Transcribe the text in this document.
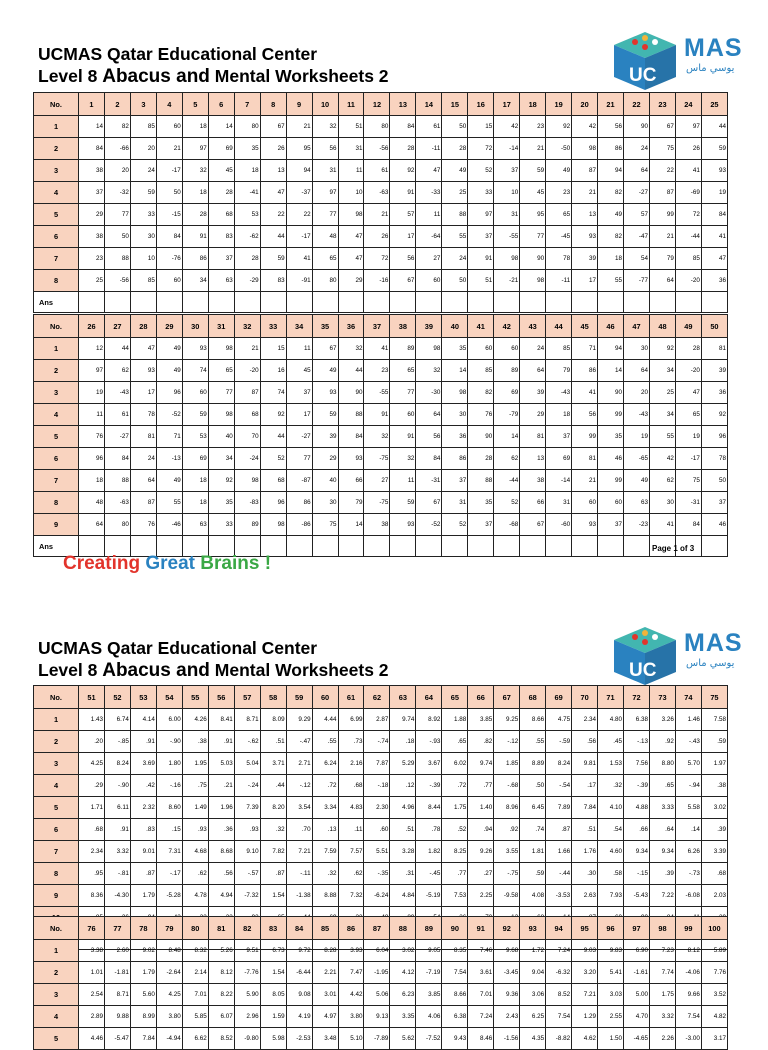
UCMAS Qatar Educational Center
Level 8 Abacus and Mental Worksheets 2
UCMAS Qatar Educational Center
Level 8 Abacus and Mental Worksheets 2
UC
MAS
يوسي ماس
UC
MAS
يوسي ماس
No.	1	2	3	4	5	6	7	8	9	10	11	12	13	14	15	16	17	18	19	20	21	22	23	24	25
1	14	82	85	60	18	14	80	67	21	32	51	80	84	61	50	15	42	23	92	42	56	90	67	97	44
2	84	-66	20	21	97	69	35	26	95	56	31	-56	28	-11	28	72	-14	21	-50	98	86	24	75	26	59
3	38	20	24	-17	32	45	18	13	94	31	11	61	92	47	49	52	37	59	49	87	94	64	22	41	93
4	37	-32	59	50	18	28	-41	47	-37	97	10	-63	91	-33	25	33	10	45	23	21	82	-27	87	-69	19
5	29	77	33	-15	28	68	53	22	22	77	98	21	57	11	88	97	31	95	65	13	49	57	99	72	84
6	38	50	30	84	91	83	-62	44	-17	48	47	26	17	-64	55	37	-55	77	-45	93	82	-47	21	-44	41
7	23	88	10	-76	86	37	28	59	41	65	47	72	56	27	24	91	98	90	78	39	18	54	79	85	47
8	25	-56	85	60	34	63	-29	83	-91	80	29	-16	67	60	50	51	-21	98	-11	17	55	-77	64	-20	36
Ans																									
No.	26	27	28	29	30	31	32	33	34	35	36	37	38	39	40	41	42	43	44	45	46	47	48	49	50
1	12	44	47	49	93	98	21	15	11	67	32	41	89	98	35	60	60	24	85	71	94	30	92	28	81
2	97	62	93	49	74	65	-20	16	45	49	44	23	65	32	14	85	89	64	79	86	14	64	34	-20	39
3	19	-43	17	96	60	77	87	74	37	93	90	-55	77	-30	98	82	69	39	-43	41	90	20	25	47	36
4	11	61	78	-52	59	98	68	92	17	59	88	91	60	64	30	76	-79	29	18	56	99	-43	34	65	92
5	76	-27	81	71	53	40	70	44	-27	39	84	32	91	56	36	90	14	81	37	99	35	19	55	19	96
6	96	84	24	-13	69	34	-24	52	77	29	93	-75	32	84	86	28	62	13	69	81	46	-65	42	-17	78
7	18	88	64	49	18	92	98	68	-87	40	66	27	11	-31	37	88	-44	38	-14	21	99	49	62	75	50
8	48	-63	87	55	18	35	-83	96	86	30	79	-75	59	67	31	35	52	66	31	60	60	63	30	-31	37
9	64	80	76	-46	63	33	89	98	-86	75	14	38	93	-52	52	37	-68	67	-60	93	37	-23	41	84	46
Ans																									
No.	51	52	53	54	55	56	57	58	59	60	61	62	63	64	65	66	67	68	69	70	71	72	73	74	75
1	1.43	6.74	4.14	6.00	4.26	8.41	8.71	8.09	9.29	4.44	6.99	2.87	9.74	8.92	1.88	3.85	9.25	8.66	4.75	2.34	4.80	6.38	3.26	1.46	7.58
2	.20	-.85	.91	-.90	.38	.91	-.62	.51	-.47	.55	.73	-.74	.18	-.93	.65	.82	-.12	.55	-.59	.56	.45	-.13	.92	-.43	.59
3	4.25	8.24	3.69	1.80	1.95	5.03	5.04	3.71	2.71	6.24	2.16	7.87	5.29	3.67	6.02	9.74	1.85	8.89	8.24	9.81	1.53	7.56	8.80	5.70	1.97
4	.29	-.90	.42	-.16	.75	.21	-.24	.44	-.12	.72	.68	-.18	.12	-.39	.72	.77	-.68	.50	-.54	.17	.32	-.39	.65	-.94	.38
5	1.71	6.11	2.32	8.60	1.49	1.96	7.39	8.20	3.54	3.34	4.83	2.30	4.96	8.44	1.75	1.40	8.96	6.45	7.89	7.84	4.10	4.88	3.33	5.58	3.02
6	.68	.91	.83	.15	.93	.36	.93	.32	.70	.13	.11	.60	.51	.78	.52	.94	.92	.74	.87	.51	.54	.66	.64	.14	.39
7	2.34	3.32	9.01	7.31	4.68	8.68	9.10	7.82	7.21	7.59	7.57	5.51	3.28	1.82	8.25	9.26	3.55	1.81	1.66	1.76	4.60	9.34	9.34	6.26	3.39
8	.95	-.81	.87	-.17	.62	.56	-.57	.87	-.11	.32	.62	-.35	.31	-.45	.77	.27	-.75	.59	-.44	.30	.58	-.15	.39	-.73	.68
9	8.36	-4.30	1.79	-5.28	4.78	4.94	-7.32	1.54	-1.38	8.88	7.32	-6.24	4.84	-5.19	7.53	2.25	-9.58	4.08	-3.53	2.63	7.93	-5.43	7.22	-6.08	2.03

No.	76	77	78	79	80	81	82	83	84	85	86	87	88	89	90	91	92	93	94	95	96	97	98	99	100
1	3.38	2.60	9.02	8.48	8.32	5.26	9.51	6.73	9.72	8.28	3.93	6.04	3.02	9.05	8.35	7.46	9.68	1.72	7.24	9.03	9.83	6.90	7.23	8.12	5.89
2	1.01	-1.81	1.79	-2.64	2.14	8.12	-7.76	1.54	-6.44	2.21	7.47	-1.95	4.12	-7.19	7.54	3.61	-3.45	9.04	-6.32	3.20	5.41	-1.61	7.74	-4.06	7.76
3	2.54	8.71	5.60	4.25	7.01	8.22	5.90	8.05	9.08	3.01	4.42	5.06	6.23	3.85	8.66	7.01	9.36	3.06	8.52	7.21	3.03	5.00	1.75	9.66	3.52
4	2.89	9.88	8.99	3.80	5.85	6.07	2.96	1.59	4.19	4.97	3.80	9.13	3.35	4.06	6.38	7.24	2.43	6.25	7.54	1.29	2.55	4.70	3.32	7.54	4.82
5	4.46	-5.47	7.84	-4.94	6.62	8.52	-9.80	5.98	-2.53	3.48	5.10	-7.89	5.62	-7.52	9.43	8.46	-1.56	4.35	-8.82	4.62	1.50	-4.65	2.26	-3.00	3.17
Page 1 of 3
Creating Great Brains !
